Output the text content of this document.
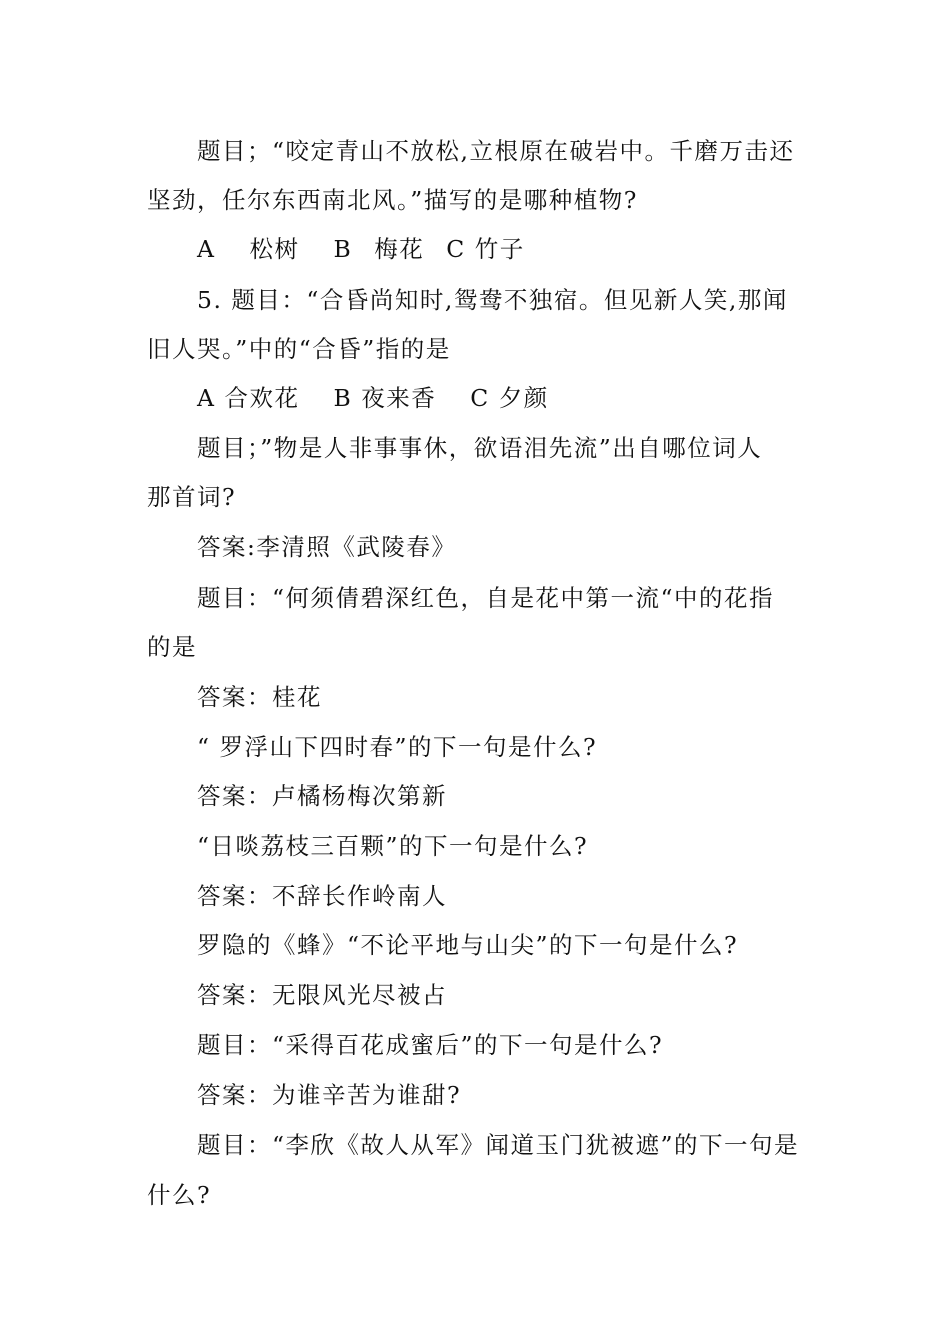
题目；“咬定青山不放松,立根原在破岩中。千磨万击还

坚劲，任尔东西南北风。”描写的是哪种植物?

A 松树 B 梅花 C 竹子

5. 题目：“合昏尚知时,鸳鸯不独宿。但见新人笑,那闻

旧人哭。”中的“合昏”指的是

A 合欢花 B 夜来香 C 夕颜

题目；”物是人非事事休，欲语泪先流”出自哪位词人

那首词?

答案:李清照《武陵春》

题目：“何须倩碧深红色，自是花中第一流“中的花指

的是

答案：桂花

“ 罗浮山下四时春”的下一句是什么?

答案：卢橘杨梅次第新

“日啖荔枝三百颗”的下一句是什么?

答案：不辞长作岭南人

罗隐的《蜂》“不论平地与山尖”的下一句是什么?

答案：无限风光尽被占

题目：“采得百花成蜜后”的下一句是什么?

答案：为谁辛苦为谁甜?

题目：“李欣《故人从军》闻道玉门犹被遮”的下一句是

什么?
